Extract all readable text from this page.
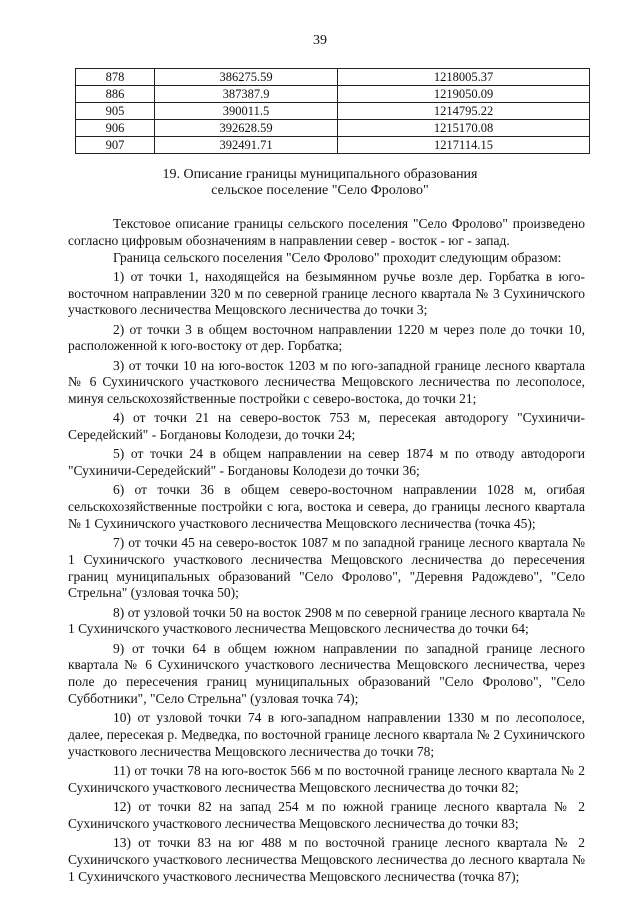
39
878	386275.59	1218005.37
886	387387.9	1219050.09
905	390011.5	1214795.22
906	392628.59	1215170.08
907	392491.71	1217114.15
19. Описание границы муниципального образования
сельское поселение "Село Фролово"

Текстовое описание границы сельского поселения "Село Фролово" произведено согласно цифровым обозначениям в направлении север - восток - юг - запад.

Граница сельского поселения "Село Фролово" проходит следующим образом:

1) от точки 1, находящейся на безымянном ручье возле дер. Горбатка в юго-восточном направлении 320 м по северной границе лесного квартала № 3 Сухиничского участкового лесничества Мещовского лесничества до точки 3;

2) от точки 3 в общем восточном направлении 1220 м через поле до точки 10, расположенной к юго-востоку от дер. Горбатка;

3) от точки 10 на юго-восток 1203 м по юго-западной границе лесного квартала № 6 Сухиничского участкового лесничества Мещовского лесничества по лесополосе, минуя сельскохозяйственные постройки с северо-востока, до точки 21;

4) от точки 21 на северо-восток 753 м, пересекая автодорогу "Сухиничи-Середейский" - Богдановы Колодези, до точки 24;

5) от точки 24 в общем направлении на север 1874 м по отводу автодороги "Сухиничи-Середейский" - Богдановы Колодези до точки 36;

6) от точки 36 в общем северо-восточном направлении 1028 м, огибая сельскохозяйственные постройки с юга, востока и севера, до границы лесного квартала № 1 Сухиничского участкового лесничества Мещовского лесничества (точка 45);

7) от точки 45 на северо-восток 1087 м по западной границе лесного квартала № 1 Сухиничского участкового лесничества Мещовского лесничества до пересечения границ муниципальных образований "Село Фролово", "Деревня Радождево", "Село Стрельна" (узловая точка 50);

8) от узловой точки 50 на восток 2908 м по северной границе лесного квартала № 1 Сухиничского участкового лесничества Мещовского лесничества до точки 64;

9) от точки 64 в общем южном направлении по западной границе лесного квартала № 6 Сухиничского участкового лесничества Мещовского лесничества, через поле до пересечения границ муниципальных образований "Село Фролово", "Село Субботники", "Село Стрельна" (узловая точка 74);

10) от узловой точки 74 в юго-западном направлении 1330 м по лесополосе, далее, пересекая р. Медведка, по восточной границе лесного квартала № 2 Сухиничского участкового лесничества Мещовского лесничества до точки 78;

11) от точки 78 на юго-восток 566 м по восточной границе лесного квартала № 2 Сухиничского участкового лесничества Мещовского лесничества до точки 82;

12) от точки 82 на запад 254 м по южной границе лесного квартала № 2 Сухиничского участкового лесничества Мещовского лесничества до точки 83;

13) от точки 83 на юг 488 м по восточной границе лесного квартала № 2 Сухиничского участкового лесничества Мещовского лесничества до лесного квартала № 1 Сухиничского участкового лесничества Мещовского лесничества (точка 87);
